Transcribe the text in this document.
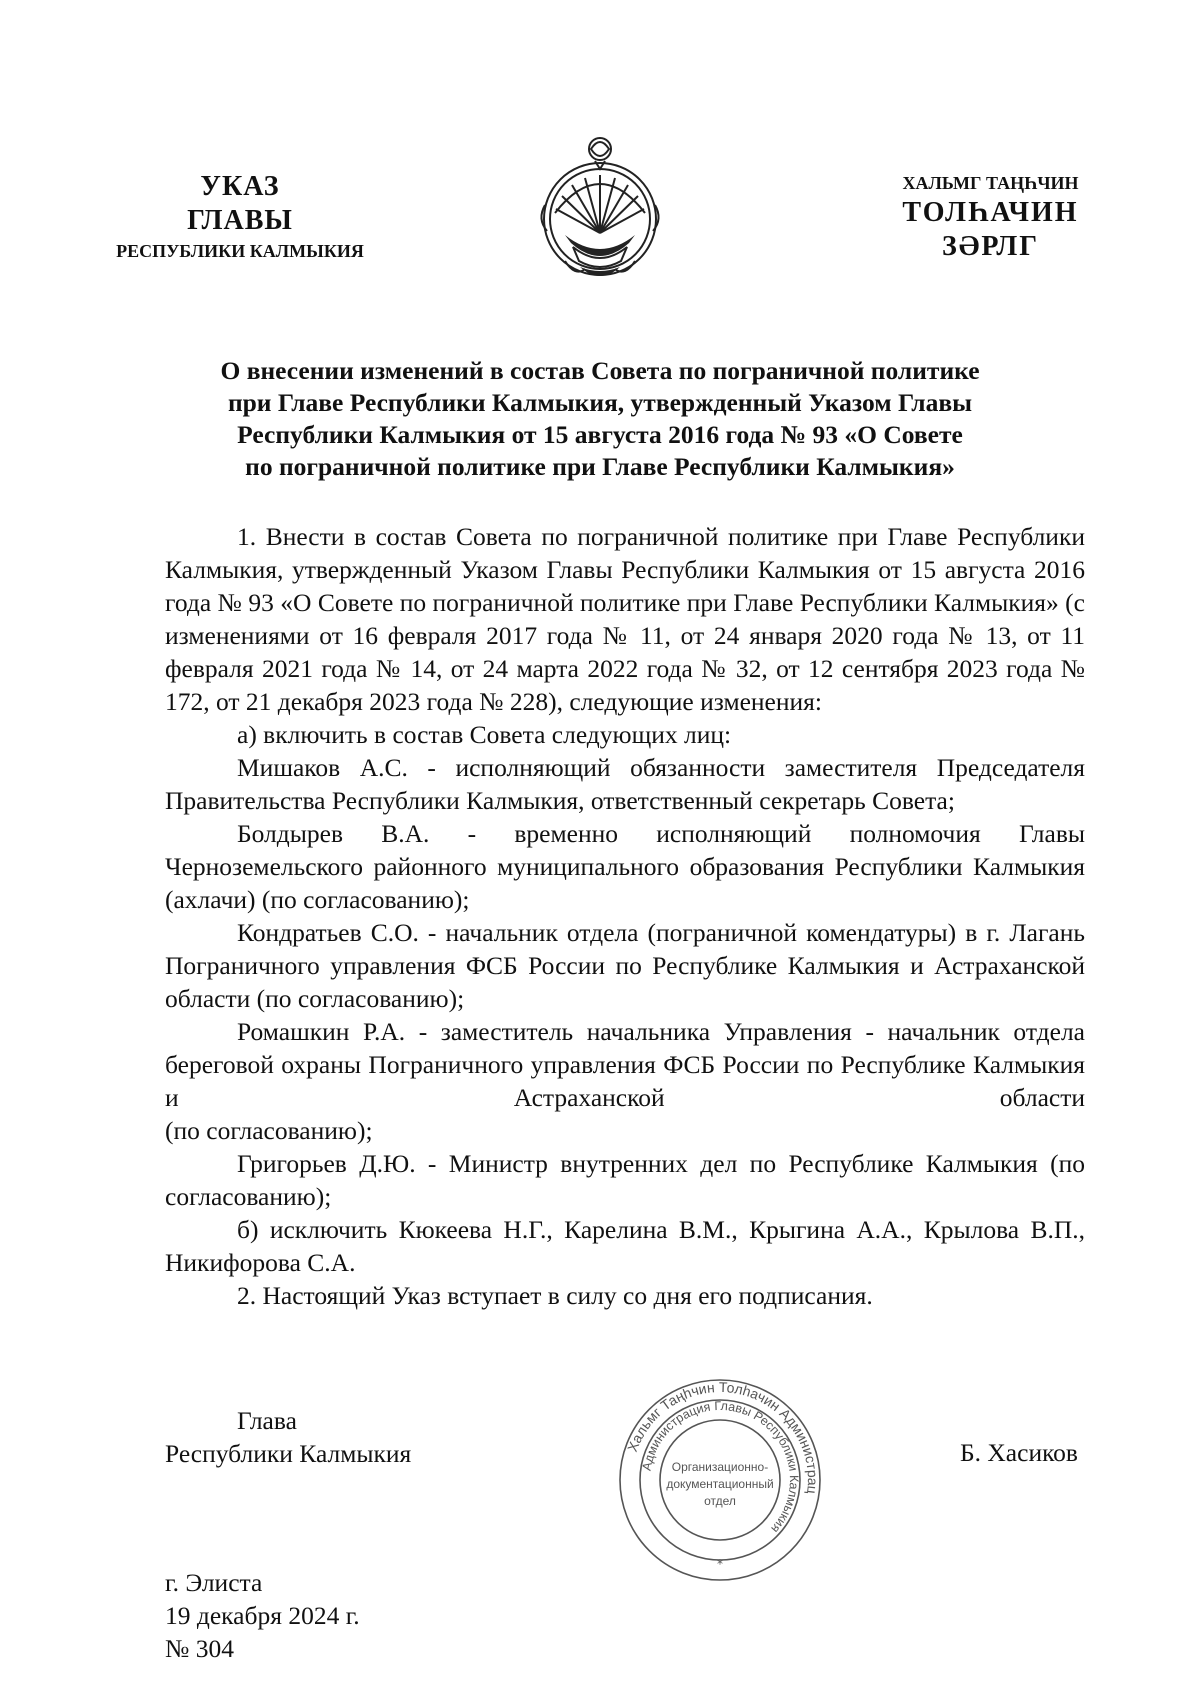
УКАЗ
ГЛАВЫ
РЕСПУБЛИКИ КАЛМЫКИЯ
ХАЛЬМГ ТАҢҺЧИН
ТОЛҺАЧИН
ЗӘРЛГ
О внесении изменений в состав Совета по пограничной политике
при Главе Республики Калмыкия, утвержденный Указом Главы
Республики Калмыкия от 15 августа 2016 года № 93 «О Совете
по пограничной политике при Главе Республики Калмыкия»

1. Внести в состав Совета по пограничной политике при Главе Республики Калмыкия, утвержденный Указом Главы Республики Калмыкия от 15 августа 2016 года № 93 «О Совете по пограничной политике при Главе Республики Калмыкия» (с изменениями от 16 февраля 2017 года № 11, от 24 января 2020 года № 13, от 11 февраля 2021 года № 14, от 24 марта 2022 года № 32, от 12 сентября 2023 года № 172, от 21 декабря 2023 года № 228), следующие изменения:

а) включить в состав Совета следующих лиц:

Мишаков А.С. - исполняющий обязанности заместителя Председателя Правительства Республики Калмыкия, ответственный секретарь Совета;

Болдырев В.А. - временно исполняющий полномочия Главы Черноземельского районного муниципального образования Республики Калмыкия (ахлачи) (по согласованию);

Кондратьев С.О. - начальник отдела (пограничной комендатуры) в г. Лагань Пограничного управления ФСБ России по Республике Калмыкия и Астраханской области (по согласованию);

Ромашкин Р.А. - заместитель начальника Управления - начальник отдела береговой охраны Пограничного управления ФСБ России по Республике Калмыкия и Астраханской области

(по согласованию);

Григорьев Д.Ю. - Министр внутренних дел по Республике Калмыкия (по согласованию);

б) исключить Кюкеева Н.Г., Карелина В.М., Крыгина А.А., Крылова В.П., Никифорова С.А.

2. Настоящий Указ вступает в силу со дня его подписания.

Глава
Республики Калмыкия	Б. Хасиков
Хальмг Таңһчин Толһачин Администрац
Администрация Главы Республики Калмыкия
Организационно-
документационный
отдел
*
г. Элиста
19 декабря 2024 г.
№ 304
